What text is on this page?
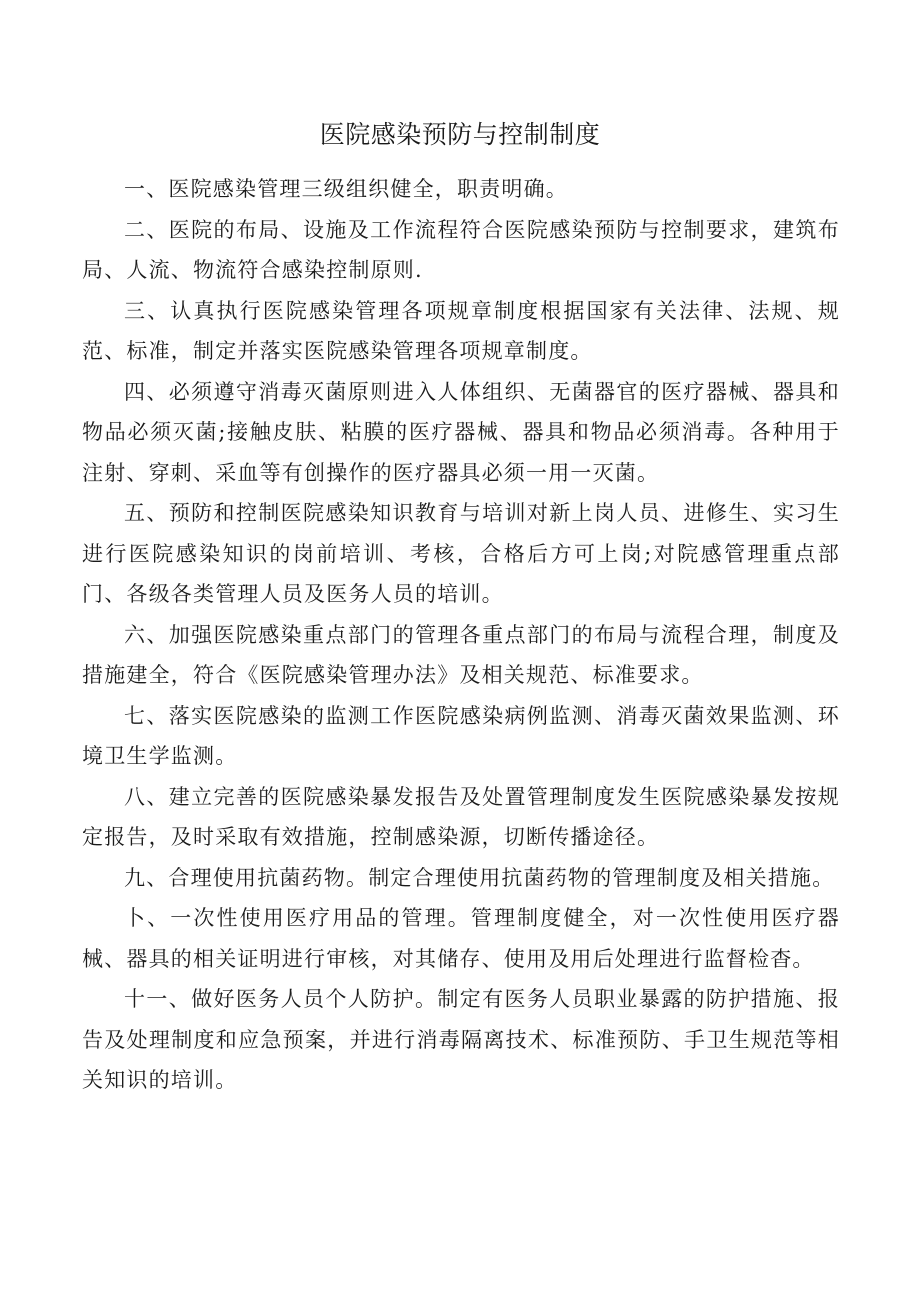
医院感染预防与控制制度

一、医院感染管理三级组织健全，职责明确。

二、医院的布局、设施及工作流程符合医院感染预防与控制要求，建筑布局、人流、物流符合感染控制原则.

三、认真执行医院感染管理各项规章制度根据国家有关法律、法规、规范、标准，制定并落实医院感染管理各项规章制度。

四、必须遵守消毒灭菌原则进入人体组织、无菌器官的医疗器械、器具和物品必须灭菌;接触皮肤、粘膜的医疗器械、器具和物品必须消毒。各种用于注射、穿刺、采血等有创操作的医疗器具必须一用一灭菌。

五、预防和控制医院感染知识教育与培训对新上岗人员、进修生、实习生进行医院感染知识的岗前培训、考核，合格后方可上岗;对院感管理重点部门、各级各类管理人员及医务人员的培训。

六、加强医院感染重点部门的管理各重点部门的布局与流程合理，制度及措施建全，符合《医院感染管理办法》及相关规范、标准要求。

七、落实医院感染的监测工作医院感染病例监测、消毒灭菌效果监测、环境卫生学监测。

八、建立完善的医院感染暴发报告及处置管理制度发生医院感染暴发按规定报告，及时采取有效措施，控制感染源，切断传播途径。

九、合理使用抗菌药物。制定合理使用抗菌药物的管理制度及相关措施。

卜、一次性使用医疗用品的管理。管理制度健全，对一次性使用医疗器械、器具的相关证明进行审核，对其储存、使用及用后处理进行监督检杳。

十一、做好医务人员个人防护。制定有医务人员职业暴露的防护措施、报告及处理制度和应急预案，并进行消毒隔离技术、标准预防、手卫生规范等相关知识的培训。
